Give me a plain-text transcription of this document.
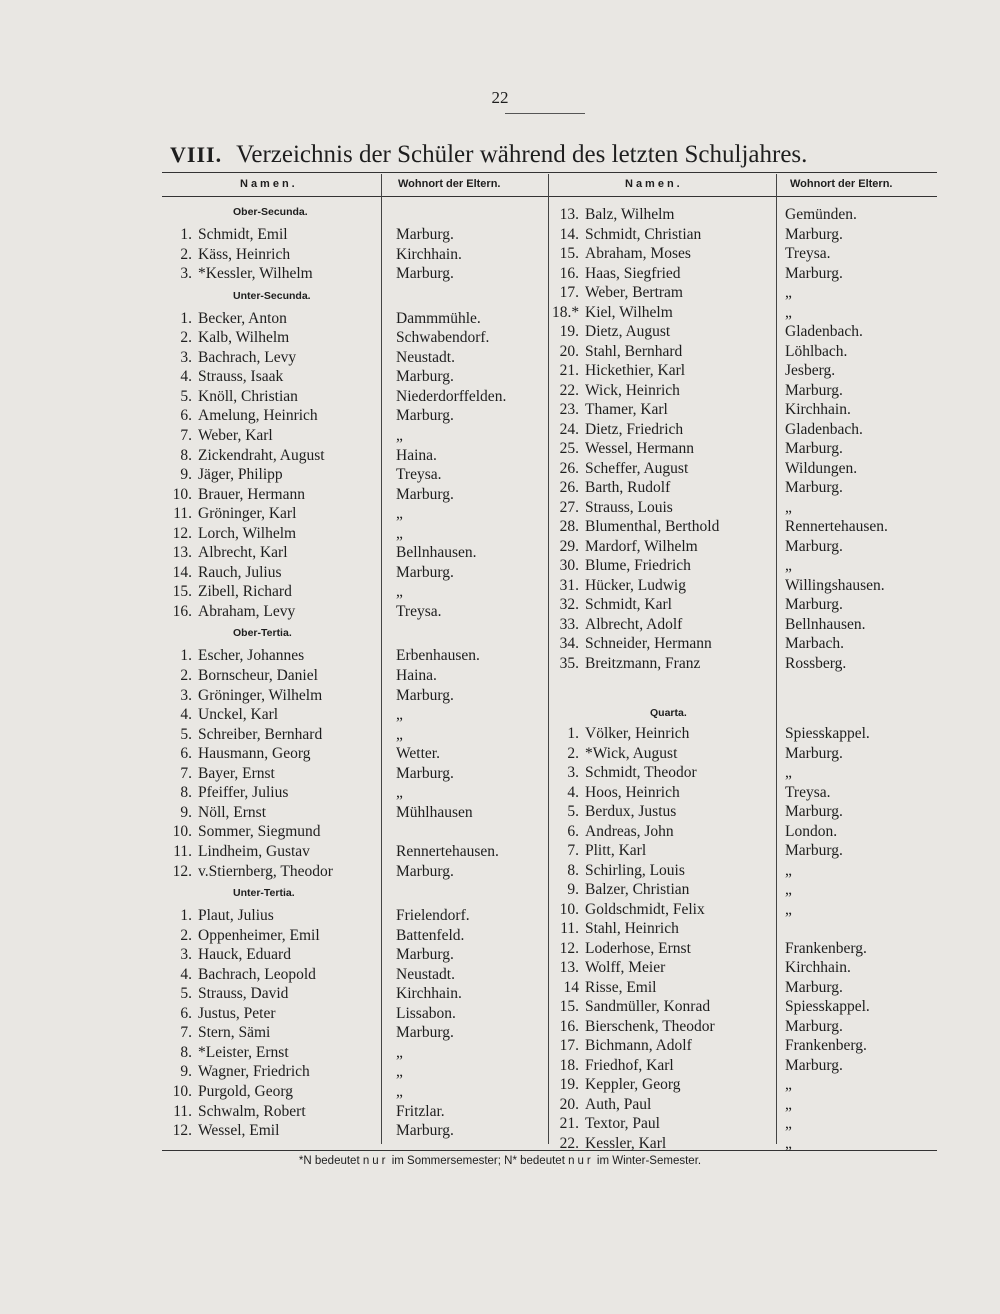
22
VIII. Verzeichnis der Schüler während des letzten Schuljahres.
Namen.	Wohnort der Eltern.	Namen.	Wohnort der Eltern.
Ober-Secunda.
1. Schmidt, Emil	Marburg.
2. Käss, Heinrich	Kirchhain.
3. *Kessler, Wilhelm	Marburg.
Unter-Secunda.
1. Becker, Anton	Dammmühle.
2. Kalb, Wilhelm	Schwabendorf.
3. Bachrach, Levy	Neustadt.
4. Strauss, Isaak	Marburg.
5. Knöll, Christian	Niederdorffelden.
6. Amelung, Heinrich	Marburg.
7. Weber, Karl	„
8. Zickendraht, August	Haina.
9. Jäger, Philipp	Treysa.
10. Brauer, Hermann	Marburg.
11. Gröninger, Karl	„
12. Lorch, Wilhelm	„
13. Albrecht, Karl	Bellnhausen.
14. Rauch, Julius	Marburg.
15. Zibell, Richard	„
16. Abraham, Levy	Treysa.
Ober-Tertia.
1. Escher, Johannes	Erbenhausen.
2. Bornscheur, Daniel	Haina.
3. Gröninger, Wilhelm	Marburg.
4. Unckel, Karl	„
5. Schreiber, Bernhard	„
6. Hausmann, Georg	Wetter.
7. Bayer, Ernst	Marburg.
8. Pfeiffer, Julius	„
9. Nöll, Ernst	Mühlhausen
10. Sommer, Siegmund
11. Lindheim, Gustav	Rennertehausen.
12. v.Stiernberg, Theodor	Marburg.
Unter-Tertia.
1. Plaut, Julius	Frielendorf.
2. Oppenheimer, Emil	Battenfeld.
3. Hauck, Eduard	Marburg.
4. Bachrach, Leopold	Neustadt.
5. Strauss, David	Kirchhain.
6. Justus, Peter	Lissabon.
7. Stern, Sämi	Marburg.
8. *Leister, Ernst	„
9. Wagner, Friedrich	„
10. Purgold, Georg	„
11. Schwalm, Robert	Fritzlar.
12. Wessel, Emil	Marburg.
13. Balz, Wilhelm	Gemünden.
14. Schmidt, Christian	Marburg.
15. Abraham, Moses	Treysa.
16. Haas, Siegfried	Marburg.
17. Weber, Bertram	„
18.* Kiel, Wilhelm	„
19. Dietz, August	Gladenbach.
20. Stahl, Bernhard	Löhlbach.
21. Hickethier, Karl	Jesberg.
22. Wick, Heinrich	Marburg.
23. Thamer, Karl	Kirchhain.
24. Dietz, Friedrich	Gladenbach.
25. Wessel, Hermann	Marburg.
26. Scheffer, August	Wildungen.
26. Barth, Rudolf	Marburg.
27. Strauss, Louis	„
28. Blumenthal, Berthold	Rennertehausen.
29. Mardorf, Wilhelm	Marburg.
30. Blume, Friedrich	„
31. Hücker, Ludwig	Willingshausen.
32. Schmidt, Karl	Marburg.
33. Albrecht, Adolf	Bellnhausen.
34. Schneider, Hermann	Marbach.
35. Breitzmann, Franz	Rossberg.
Quarta.
1. Völker, Heinrich	Spiesskappel.
2. *Wick, August	Marburg.
3. Schmidt, Theodor	„
4. Hoos, Heinrich	Treysa.
5. Berdux, Justus	Marburg.
6. Andreas, John	London.
7. Plitt, Karl	Marburg.
8. Schirling, Louis	„
9. Balzer, Christian	„
10. Goldschmidt, Felix	„
11. Stahl, Heinrich
12. Loderhose, Ernst	Frankenberg.
13. Wolff, Meier	Kirchhain.
14 Risse, Emil	Marburg.
15. Sandmüller, Konrad	Spiesskappel.
16. Bierschenk, Theodor	Marburg.
17. Bichmann, Adolf	Frankenberg.
18. Friedhof, Karl	Marburg.
19. Keppler, Georg	„
20. Auth, Paul	„
21. Textor, Paul	„
22. Kessler, Karl	„
*N bedeutet nur im Sommersemester; N* bedeutet nur im Winter-Semester.
